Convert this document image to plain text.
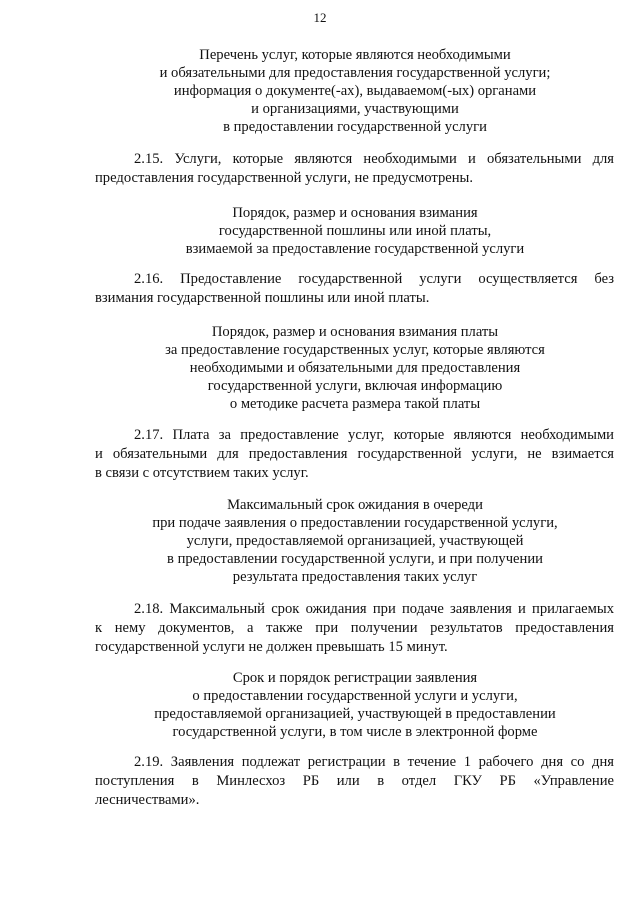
12
Перечень услуг, которые являются необходимыми
и обязательными для предоставления государственной услуги;
информация о документе(-ах), выдаваемом(-ых) органами
и организациями, участвующими
в предоставлении государственной услуги
2.15. Услуги, которые являются необходимыми и обязательными для
предоставления государственной услуги, не предусмотрены.
Порядок, размер и основания взимания
государственной пошлины или иной платы,
взимаемой за предоставление государственной услуги
2.16. Предоставление государственной услуги осуществляется без
взимания государственной пошлины или иной платы.
Порядок, размер и основания взимания платы
за предоставление государственных услуг, которые являются
необходимыми и обязательными для предоставления
государственной услуги, включая информацию
о методике расчета размера такой платы
2.17. Плата за предоставление услуг, которые являются необходимыми
и обязательными для предоставления государственной услуги, не взимается
в связи с отсутствием таких услуг.
Максимальный срок ожидания в очереди
при подаче заявления о предоставлении государственной услуги,
услуги, предоставляемой организацией, участвующей
в предоставлении государственной услуги, и при получении
результата предоставления таких услуг
2.18. Максимальный срок ожидания при подаче заявления и прилагаемых
к нему документов, а также при получении результатов предоставления
государственной услуги не должен превышать 15 минут.
Срок и порядок регистрации заявления
о предоставлении государственной услуги и услуги,
предоставляемой организацией, участвующей в предоставлении
государственной услуги, в том числе в электронной форме
2.19. Заявления подлежат регистрации в течение 1 рабочего дня со дня
поступления в Минлесхоз РБ или в отдел ГКУ РБ «Управление
лесничествами».
